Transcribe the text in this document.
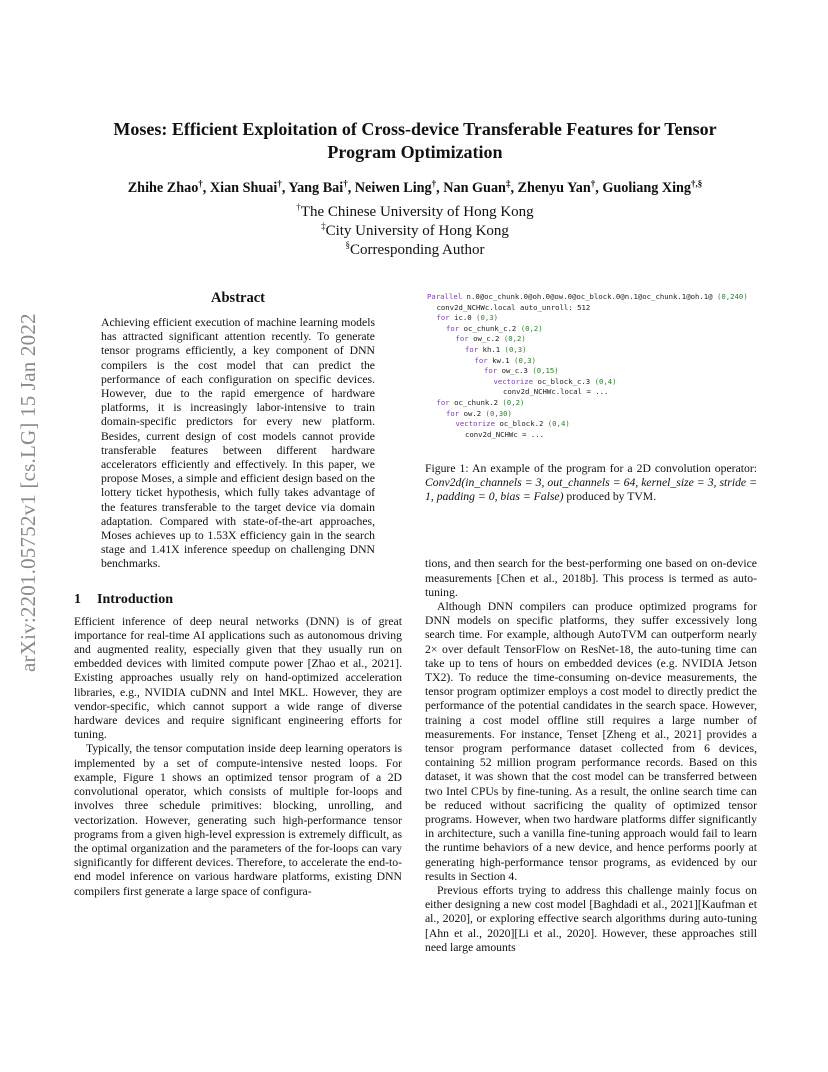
arXiv:2201.05752v1 [cs.LG] 15 Jan 2022
Moses: Efficient Exploitation of Cross-device Transferable Features for Tensor
Program Optimization
Zhihe Zhao†, Xian Shuai†, Yang Bai†, Neiwen Ling†, Nan Guan‡, Zhenyu Yan†, Guoliang Xing†,§
†The Chinese University of Hong Kong
‡City University of Hong Kong
§Corresponding Author
Abstract

Achieving efficient execution of machine learning models has attracted significant attention recently. To generate tensor programs efficiently, a key component of DNN compilers is the cost model that can predict the performance of each configuration on specific devices. However, due to the rapid emergence of hardware platforms, it is increasingly labor-intensive to train domain-specific predictors for every new platform. Besides, current design of cost models cannot provide transferable features between different hardware accelerators efficiently and effectively. In this paper, we propose Moses, a simple and efficient design based on the lottery ticket hypothesis, which fully takes advantage of the features transferable to the target device via domain adaptation. Compared with state-of-the-art approaches, Moses achieves up to 1.53X efficiency gain in the search stage and 1.41X inference speedup on challenging DNN benchmarks.

1 Introduction

Efficient inference of deep neural networks (DNN) is of great importance for real-time AI applications such as autonomous driving and augmented reality, especially given that they usually run on embedded devices with limited compute power [Zhao et al., 2021]. Existing approaches usually rely on hand-optimized acceleration libraries, e.g., NVIDIA cuDNN and Intel MKL. However, they are vendor-specific, which cannot support a wide range of diverse hardware devices and require significant engineering efforts for tuning.

Typically, the tensor computation inside deep learning operators is implemented by a set of compute-intensive nested loops. For example, Figure 1 shows an optimized tensor program of a 2D convolutional operator, which consists of multiple for-loops and involves three schedule primitives: blocking, unrolling, and vectorization. However, generating such high-performance tensor programs from a given high-level expression is extremely difficult, as the optimal organization and the parameters of the for-loops can vary significantly for different devices. Therefore, to accelerate the end-to-end model inference on various hardware platforms, existing DNN compilers first generate a large space of configura-

Parallel n.0@oc_chunk.0@oh.0@ow.0@oc_block.0@n.1@oc_chunk.1@oh.1@ (0,240)
conv2d_NCHWc.local auto_unroll: 512
for ic.0 (0,3)
for oc_chunk_c.2 (0,2)
for ow_c.2 (0,2)
for kh.1 (0,3)
for kw.1 (0,3)
for ow_c.3 (0,15)
vectorize oc_block_c.3 (0,4)
conv2d_NCHWc.local = ...
for oc_chunk.2 (0,2)
for ow.2 (0,30)
vectorize oc_block.2 (0,4)
conv2d_NCHWc = ...

Figure 1: An example of the program for a 2D convolution operator: Conv2d(in_channels = 3, out_channels = 64, kernel_size = 3, stride = 1, padding = 0, bias = False) produced by TVM.

tions, and then search for the best-performing one based on on-device measurements [Chen et al., 2018b]. This process is termed as auto-tuning.

Although DNN compilers can produce optimized programs for DNN models on specific platforms, they suffer excessively long search time. For example, although AutoTVM can outperform nearly 2× over default TensorFlow on ResNet-18, the auto-tuning time can take up to tens of hours on embedded devices (e.g. NVIDIA Jetson TX2). To reduce the time-consuming on-device measurements, the tensor program optimizer employs a cost model to directly predict the performance of the potential candidates in the search space. However, training a cost model offline still requires a large number of measurements. For instance, Tenset [Zheng et al., 2021] provides a tensor program performance dataset collected from 6 devices, containing 52 million program performance records. Based on this dataset, it was shown that the cost model can be transferred between two Intel CPUs by fine-tuning. As a result, the online search time can be reduced without sacrificing the quality of optimized tensor programs. However, when two hardware platforms differ significantly in architecture, such a vanilla fine-tuning approach would fail to learn the runtime behaviors of a new device, and hence performs poorly at generating high-performance tensor programs, as evidenced by our results in Section 4.

Previous efforts trying to address this challenge mainly focus on either designing a new cost model [Baghdadi et al., 2021][Kaufman et al., 2020], or exploring effective search algorithms during auto-tuning [Ahn et al., 2020][Li et al., 2020]. However, these approaches still need large amounts
